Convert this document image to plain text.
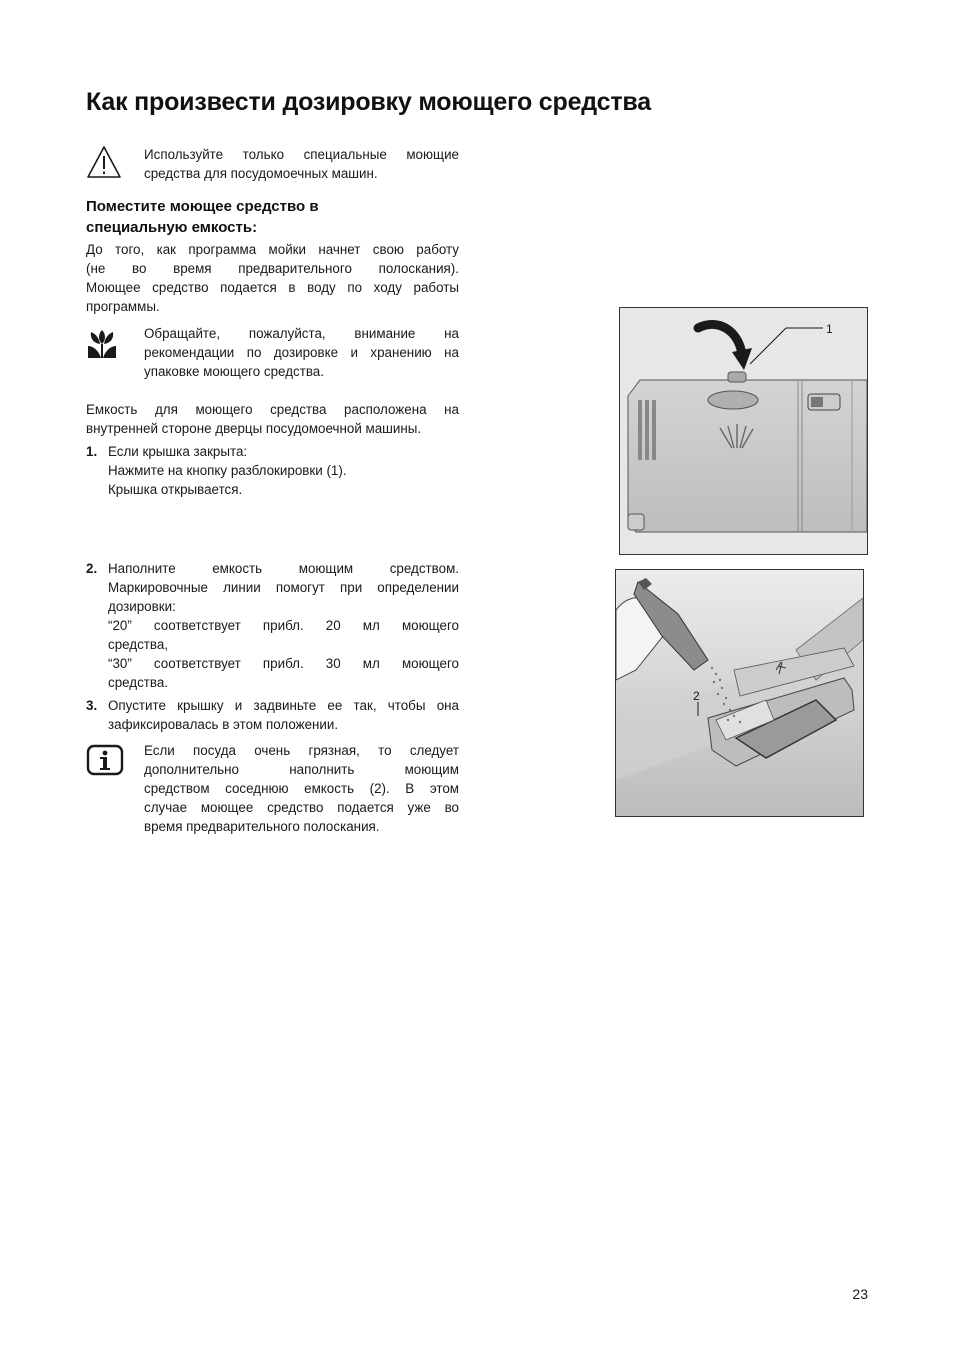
Как произвести дозировку моющего средства

Используйте только специальные моющие

средства для посудомоечных машин.

Поместите моющее средство в
специальную емкость:

До того, как программа мойки начнет свою работу

(не во время предварительного полоскания).

Моющее средство подается в воду по ходу работы

программы.

Обращайте, пожалуйста, внимание на

рекомендации по дозировке и хранению на

упаковке моющего средства.

Емкость для моющего средства расположена на

внутренней стороне дверцы посудомоечной машины.

1. Если крышка закрыта:

Нажмите на кнопку разблокировки (1).

Крышка открывается.

2. Наполните емкость моющим средством.

Маркировочные линии помогут при определении

дозировки:

“20” соответствует прибл. 20 мл моющего

средства,

“30” соответствует прибл. 30 мл моющего

средства.

3. Опустите крышку и задвиньте ее так, чтобы она

зафиксировалась в этом положении.

Если посуда очень грязная, то следует

дополнительно наполнить моющим

средством соседнюю емкость (2). В этом

случае моющее средство подается уже во

время предварительного полоскания.

1
2
23
